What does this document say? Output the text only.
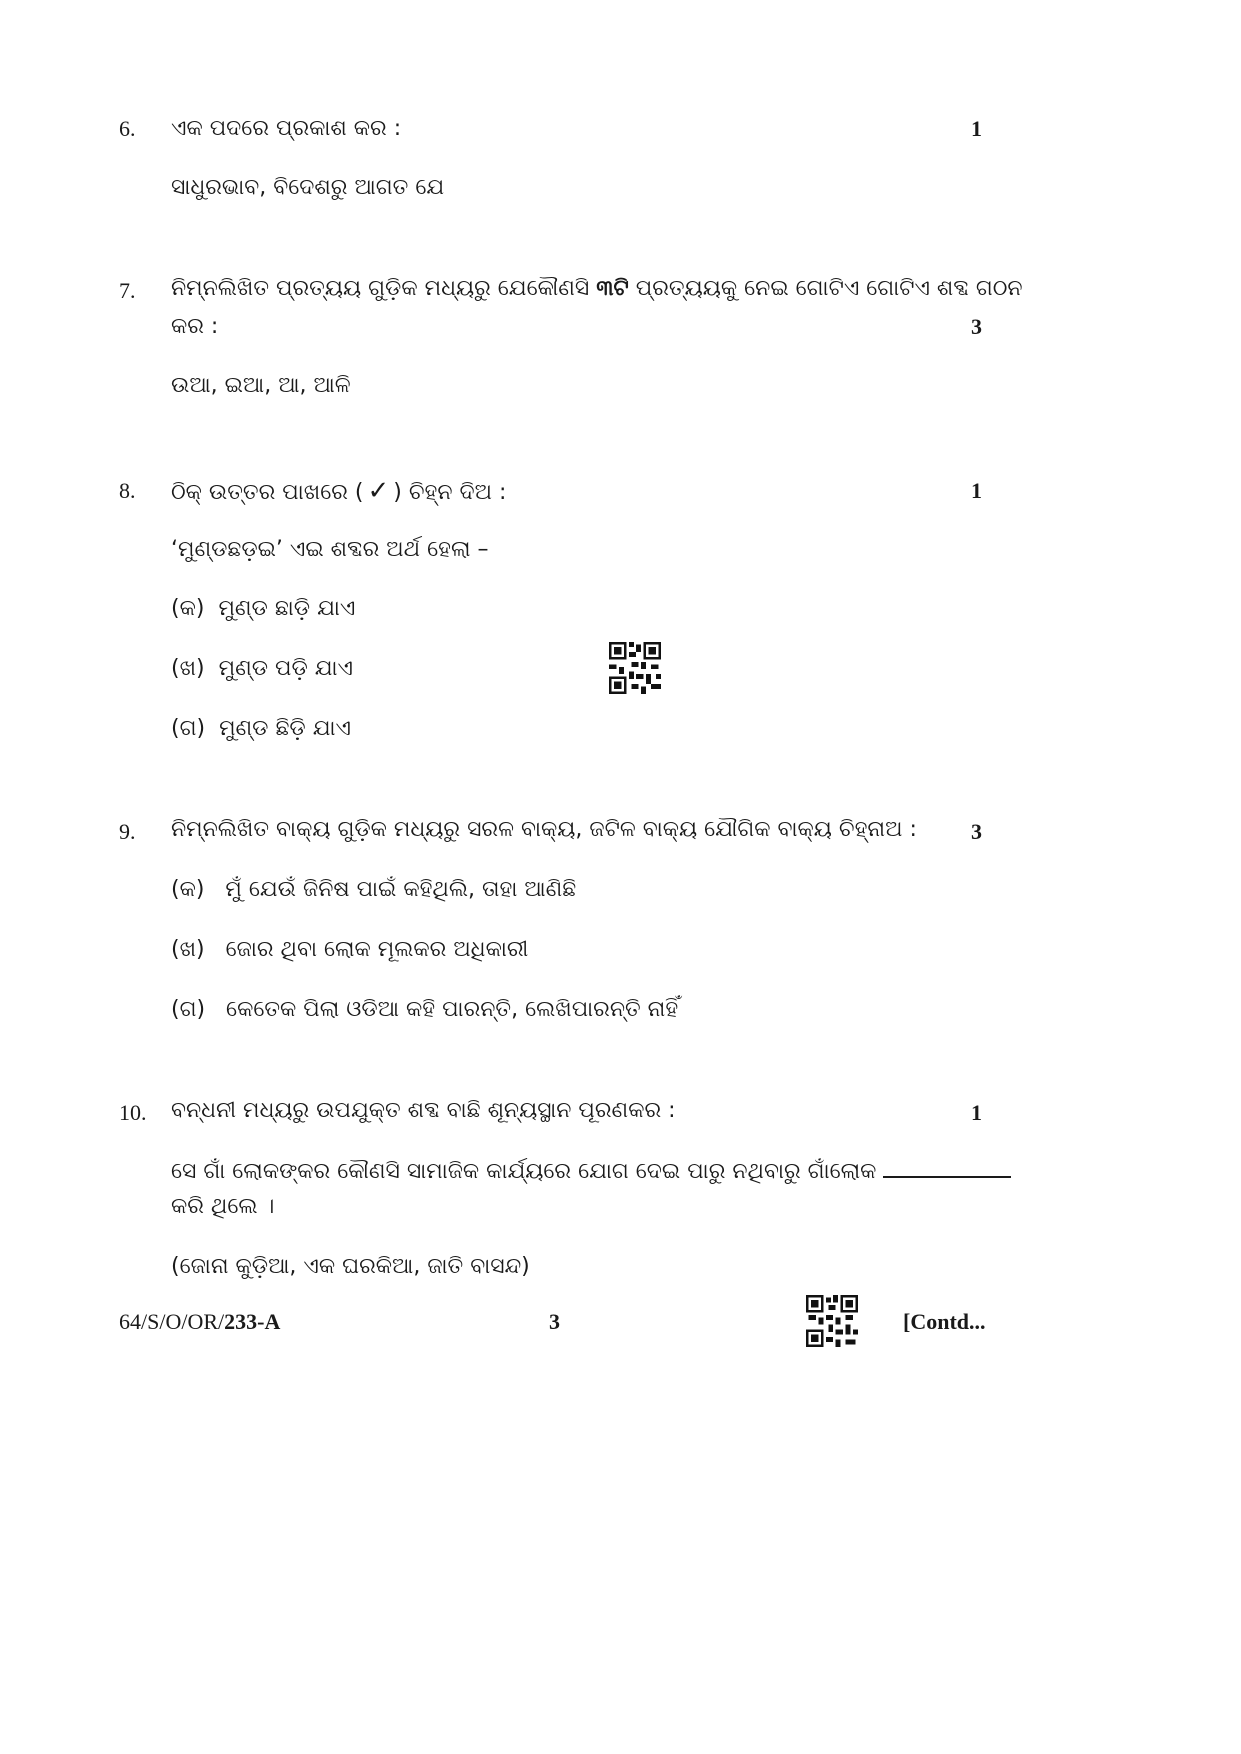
6. ଏକ ପଦରେ ପ୍ରକାଶ କର :	1
ସାଧୁରଭାବ, ବିଦେଶରୁ ଆଗତ ଯେ
7. ନିମ୍ନଲିଖିତ ପ୍ରତ୍ୟୟ ଗୁଡ଼ିକ ମଧ୍ୟରୁ ଯେକୌଣସି ୩ଟି ପ୍ରତ୍ୟୟକୁ ନେଇ ଗୋଟିଏ ଗୋଟିଏ ଶବ୍ଦ ଗଠନ
କର :	3
ଉଆ, ଇଆ, ଆ, ଆଳି
8. ଠିକ୍ ଉତ୍ତର ପାଖରେ ( ✓ ) ଚିହ୍ନ ଦିଅ :	1
‘ମୁଣ୍ଡଛଡ଼ଇ’ ଏଇ ଶବ୍ଦର ଅର୍ଥ ହେଲା –
(କ) ମୁଣ୍ଡ ଛାଡ଼ି ଯାଏ
(ଖ) ମୁଣ୍ଡ ପଡ଼ି ଯାଏ
(ଗ) ମୁଣ୍ଡ ଛିଡ଼ି ଯାଏ
9. ନିମ୍ନଲିଖିତ ବାକ୍ୟ ଗୁଡ଼ିକ ମଧ୍ୟରୁ ସରଳ ବାକ୍ୟ, ଜଟିଳ ବାକ୍ୟ ଯୌଗିକ ବାକ୍ୟ ଚିହ୍ନାଅ : 3
(କ) ମୁଁ ଯେଉଁ ଜିନିଷ ପାଇଁ କହିଥିଲି, ତାହା ଆଣିଛି
(ଖ) ଜୋର ଥିବା ଲୋକ ମୂଲକର ଅଧିକାରୀ
(ଗ) କେତେକ ପିଲା ଓଡିଆ କହି ପାରନ୍ତି, ଲେଖିପାରନ୍ତି ନାହିଁ
10. ବନ୍ଧନୀ ମଧ୍ୟରୁ ଉପଯୁକ୍ତ ଶବ୍ଦ ବାଛି ଶୂନ୍ୟସ୍ଥାନ ପୂରଣକର :	1
ସେ ଗାଁ ଲୋକଙ୍କର କୌଣସି ସାମାଜିକ କାର୍ଯ୍ୟରେ ଯୋଗ ଦେଇ ପାରୁ ନଥିବାରୁ ଗାଁଲୋକ
କରି ଥିଲେ ।
(ଜୋନା କୁଡ଼ିଆ, ଏକ ଘରକିଆ, ଜାତି ବାସନ୍ଦ)
64/S/O/OR/233-A	3	[Contd...
